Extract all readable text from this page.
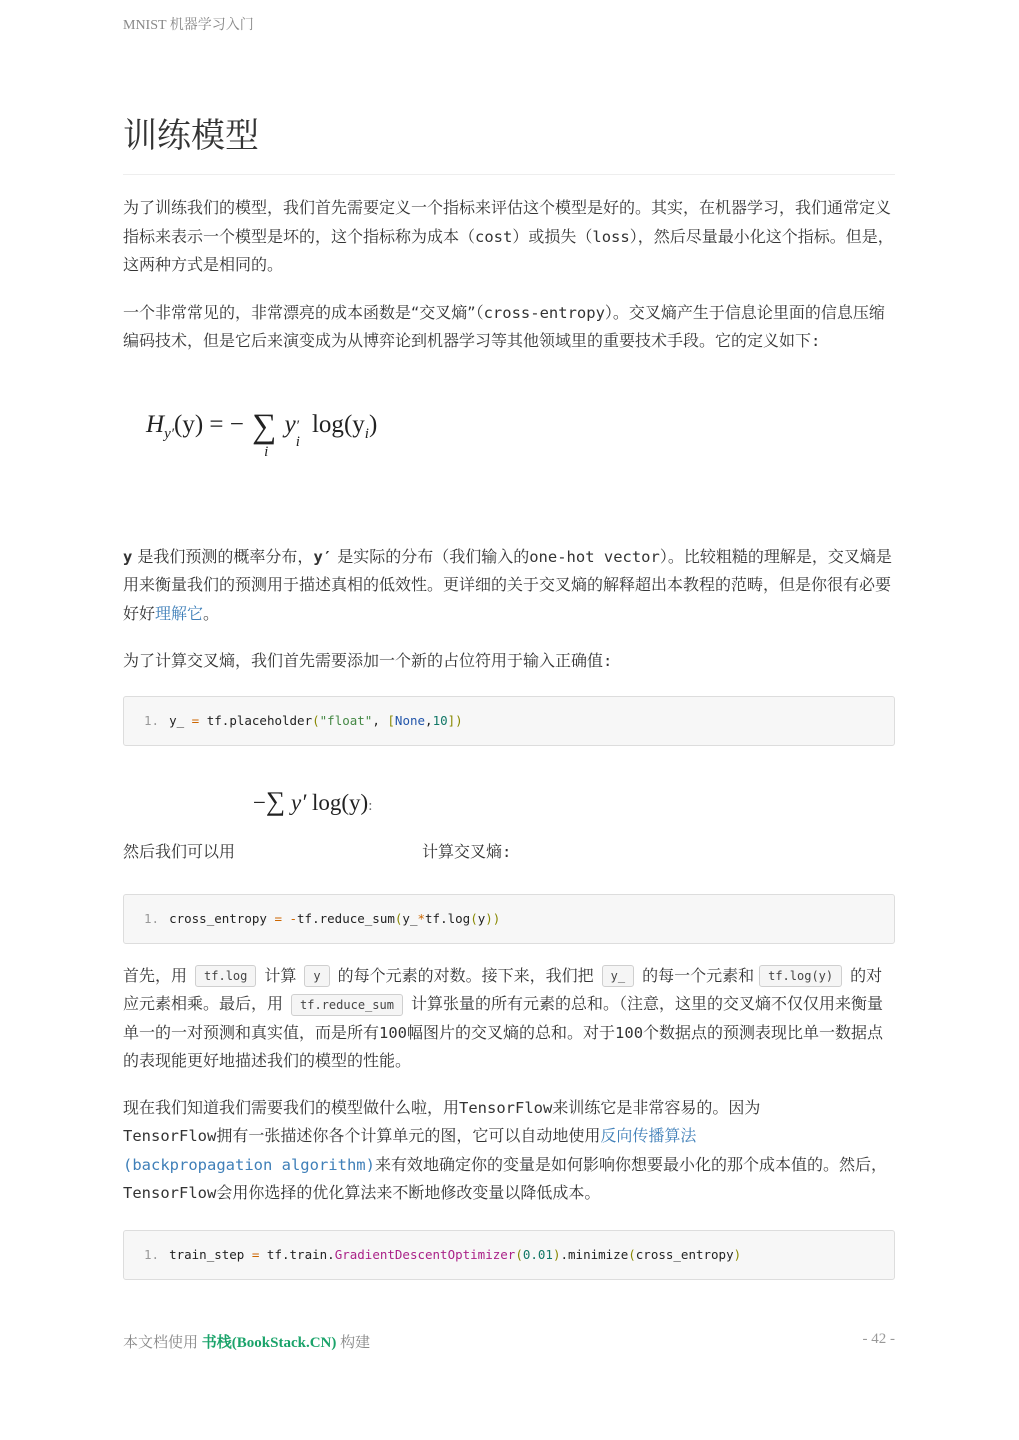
MNIST 机器学习入门
训练模型

为了训练我们的模型，我们首先需要定义一个指标来评估这个模型是好的。其实，在机器学习，我们通常定义指标来表示一个模型是坏的，这个指标称为成本（cost）或损失（loss），然后尽量最小化这个指标。但是，这两种方式是相同的。

一个非常常见的，非常漂亮的成本函数是“交叉熵”（cross-entropy）。交叉熵产生于信息论里面的信息压缩编码技术，但是它后来演变成为从博弈论到机器学习等其他领域里的重要技术手段。它的定义如下:

$H_{y'}(y)$ = − ∑
i
y ′
i
$\log(y_i)$

y 是我们预测的概率分布，y′ 是实际的分布（我们输入的one-hot vector）。比较粗糙的理解是，交叉熵是用来衡量我们的预测用于描述真相的低效性。更详细的关于交叉熵的解释超出本教程的范畴，但是你很有必要好好理解它。

为了计算交叉熵，我们首先需要添加一个新的占位符用于输入正确值:

1. y_ = tf.placeholder("float", [None,10])
−∑ y′ log(y):

然后我们可以用	计算交叉熵:

1. cross_entropy = -tf.reduce_sum(y_*tf.log(y))

首先，用 tf.log 计算 y 的每个元素的对数。接下来，我们把 y_ 的每一个元素和 tf.log(y) 的对应元素相乘。最后，用 tf.reduce_sum 计算张量的所有元素的总和。（注意，这里的交叉熵不仅仅用来衡量单一的一对预测和真实值，而是所有100幅图片的交叉熵的总和。对于100个数据点的预测表现比单一数据点的表现能更好地描述我们的模型的性能。

现在我们知道我们需要我们的模型做什么啦，用TensorFlow来训练它是非常容易的。因为
TensorFlow拥有一张描述你各个计算单元的图，它可以自动地使用反向传播算法
(backpropagation algorithm)来有效地确定你的变量是如何影响你想要最小化的那个成本值的。然后，TensorFlow会用你选择的优化算法来不断地修改变量以降低成本。

1. train_step = tf.train.GradientDescentOptimizer(0.01).minimize(cross_entropy)
本文档使用 书栈(BookStack.CN) 构建	- 42 -
